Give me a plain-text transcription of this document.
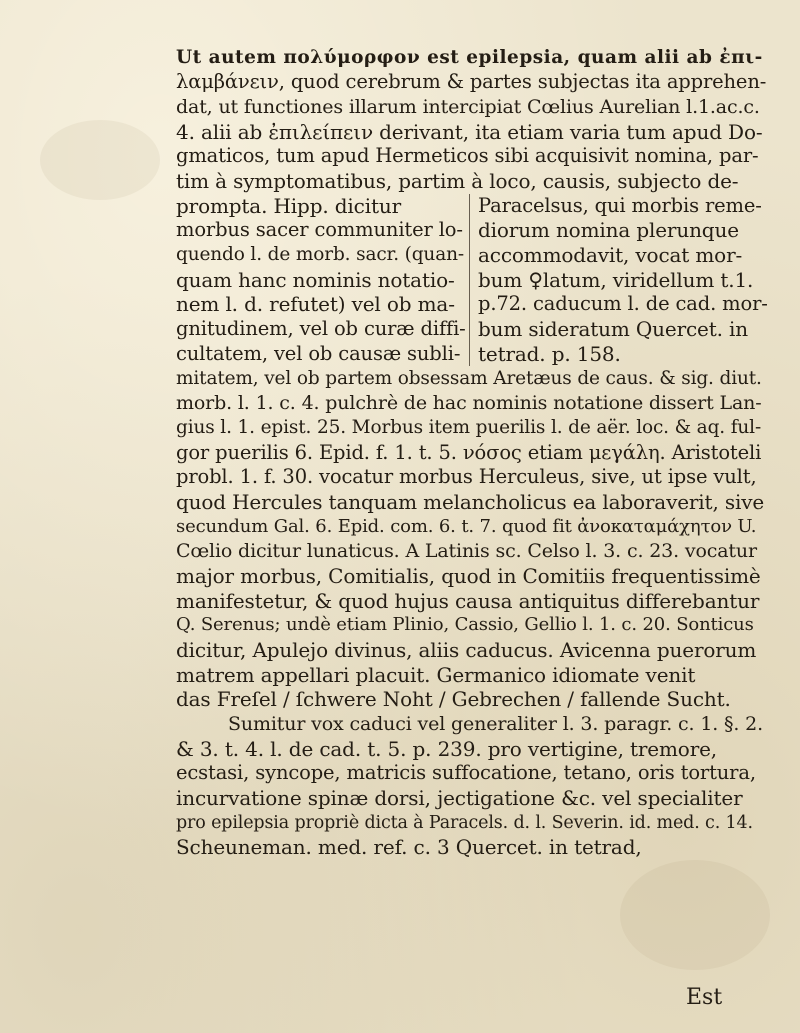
Ut autem πολύμορφον est epilepsia, quam alii ab ἐπι-
λαμβάνειν, quod cerebrum & partes subjectas ita apprehen-
dat, ut functiones illarum intercipiat Cœlius Aurelian l.1.ac.c.
4. alii ab ἐπιλείπειν derivant, ita etiam varia tum apud Do-
gmaticos, tum apud Hermeticos sibi acquisivit nomina, par-
tim à symptomatibus, partim à loco, causis, subjecto de-
prompta. Hipp. dicitur
morbus sacer communiter lo-
quendo l. de morb. sacr. (quan-
quam hanc nominis notatio-
nem l. d. refutet) vel ob ma-
gnitudinem, vel ob curæ diffi-
cultatem, vel ob causæ subli-
Paracelsus, qui morbis reme-
diorum nomina plerunque
accommodavit, vocat mor-
bum ♀latum, viridellum t.1.
p.72. caducum l. de cad. mor-
bum sideratum Quercet. in
tetrad. p. 158.
mitatem, vel ob partem obsessam Aretæus de caus. & sig. diut.
morb. l. 1. c. 4. pulchrè de hac nominis notatione dissert Lan-
gius l. 1. epist. 25. Morbus item puerilis l. de aër. loc. & aq. ful-
gor puerilis 6. Epid. f. 1. t. 5. νόσος etiam μεγάλη. Aristoteli
probl. 1. f. 30. vocatur morbus Herculeus, sive, ut ipse vult,
quod Hercules tanquam melancholicus ea laboraverit, sive
secundum Gal. 6. Epid. com. 6. t. 7. quod fit ἀνοκαταμάχητον U.
Cœlio dicitur lunaticus. A Latinis sc. Celso l. 3. c. 23. vocatur
major morbus, Comitialis, quod in Comitiis frequentissimè
manifestetur, & quod hujus causa antiquitus differebantur
Q. Serenus; undè etiam Plinio, Cassio, Gellio l. 1. c. 20. Sonticus
dicitur, Apulejo divinus, aliis caducus. Avicenna puerorum
matrem appellari placuit. Germanico idiomate venit
das Freſel / ſchwere Noht / Gebrechen / fallende Sucht.
Sumitur vox caduci vel generaliter l. 3. paragr. c. 1. §. 2.
& 3. t. 4. l. de cad. t. 5. p. 239. pro vertigine, tremore,
ecstasi, syncope, matricis suffocatione, tetano, oris tortura,
incurvatione spinæ dorsi, jectigatione &c. vel specialiter
pro epilepsia propriè dicta à Paracels. d. l. Severin. id. med. c. 14.
Scheuneman. med. ref. c. 3 Quercet. in tetrad,
Est
